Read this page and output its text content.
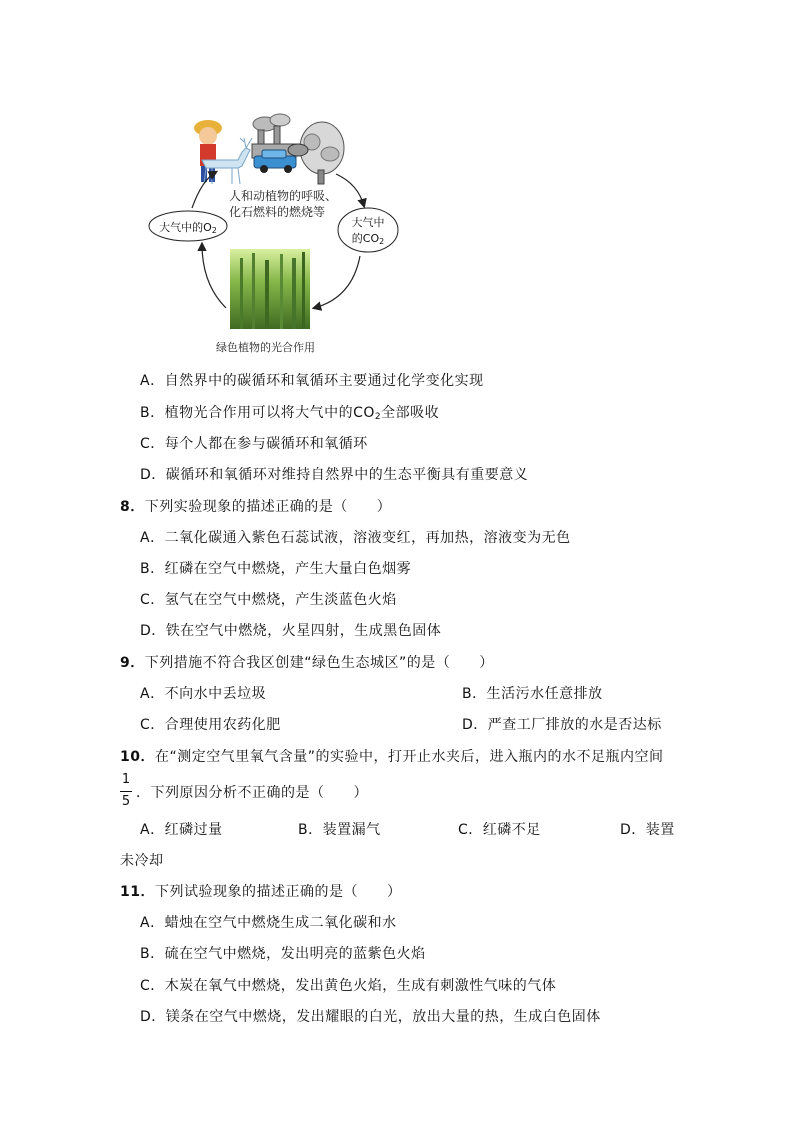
人和动植物的呼吸、
化石燃料的燃烧等
大气中的$O_2$
大气中
的$CO_2$
绿色植物的光合作用
A．自然界中的碳循环和氧循环主要通过化学变化实现
B．植物光合作用可以将大气中的$CO_2$全部吸收
C．每个人都在参与碳循环和氧循环
D．碳循环和氧循环对维持自然界中的生态平衡具有重要意义
8．下列实验现象的描述正确的是（　　）
A．二氧化碳通入紫色石蕊试液，溶液变红，再加热，溶液变为无色
B．红磷在空气中燃烧，产生大量白色烟雾
C．氢气在空气中燃烧，产生淡蓝色火焰
D．铁在空气中燃烧，火星四射，生成黑色固体
9．下列措施不符合我区创建“绿色生态城区”的是（　　）
A．不向水中丢垃圾	B．生活污水任意排放
C．合理使用农药化肥	D．严查工厂排放的水是否达标
10．在“测定空气里氧气含量”的实验中，打开止水夹后，进入瓶内的水不足瓶内空间
1
5
．下列原因分析不正确的是（　　）
A．红磷过量	B．装置漏气	C．红磷不足	D．装置
未冷却
11．下列试验现象的描述正确的是（　　）
A．蜡烛在空气中燃烧生成二氧化碳和水
B．硫在空气中燃烧，发出明亮的蓝紫色火焰
C．木炭在氧气中燃烧，发出黄色火焰，生成有刺激性气味的气体
D．镁条在空气中燃烧，发出耀眼的白光，放出大量的热，生成白色固体
